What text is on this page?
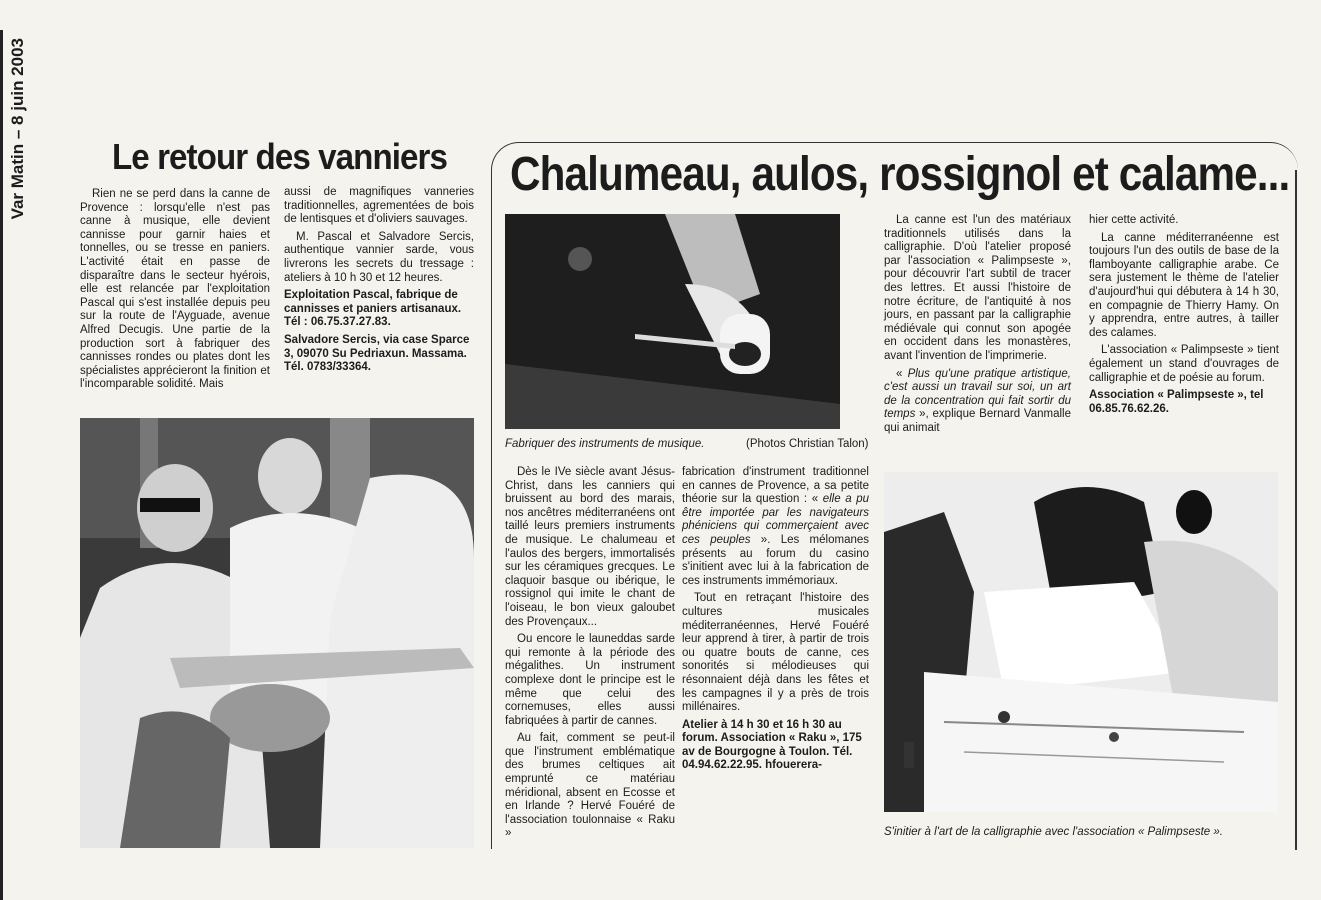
Var Matin – 8 juin 2003 Le retour des vanniers

Rien ne se perd dans la canne de Provence : lorsqu'elle n'est pas canne à musique, elle devient cannisse pour garnir haies et tonnelles, ou se tresse en paniers. L'activité était en passe de disparaître dans le secteur hyérois, elle est relancée par l'exploitation Pascal qui s'est installée depuis peu sur la route de l'Ayguade, avenue Alfred Decugis. Une partie de la production sort à fabriquer des cannisses rondes ou plates dont les spécialistes apprécieront la finition et l'incomparable solidité. Mais

aussi de magnifiques vanneries traditionnelles, agrementées de bois de lentisques et d'oliviers sauvages.

M. Pascal et Salvadore Sercis, authentique vannier sarde, vous livrerons les secrets du tressage : ateliers à 10 h 30 et 12 heures.

Exploitation Pascal, fabrique de cannisses et paniers artisanaux. Tél : 06.75.37.27.83.

Salvadore Sercis, via case Sparce 3, 09070 Su Pedriaxun. Massama. Tél. 0783/33364.

Chalumeau, aulos, rossignol et calame...
Fabriquer des instruments de musique.	(Photos Christian Talon)

Dès le IVe siècle avant Jésus-Christ, dans les canniers qui bruissent au bord des marais, nos ancêtres méditerranéens ont taillé leurs premiers instruments de musique. Le chalumeau et l'aulos des bergers, immortalisés sur les céramiques grecques. Le claquoir basque ou ibérique, le rossignol qui imite le chant de l'oiseau, le bon vieux galoubet des Provençaux...

Ou encore le launeddas sarde qui remonte à la période des mégalithes. Un instrument complexe dont le principe est le même que celui des cornemuses, elles aussi fabriquées à partir de cannes.

Au fait, comment se peut-il que l'instrument emblématique des brumes celtiques ait emprunté ce matériau méridional, absent en Ecosse et en Irlande ? Hervé Fouéré de l'association toulonnaise « Raku »

fabrication d'instrument traditionnel en cannes de Provence, a sa petite théorie sur la question : « elle a pu être importée par les navigateurs phéniciens qui commerçaient avec ces peuples ». Les mélomanes présents au forum du casino s'initient avec lui à la fabrication de ces instruments immémoriaux.

Tout en retraçant l'histoire des cultures musicales méditerranéennes, Hervé Fouéré leur apprend à tirer, à partir de trois ou quatre bouts de canne, ces sonorités si mélodieuses qui résonnaient déjà dans les fêtes et les campagnes il y a près de trois millénaires.

Atelier à 14 h 30 et 16 h 30 au forum. Association « Raku », 175 av de Bourgogne à Toulon. Tél. 04.94.62.22.95. hfouerera-

La canne est l'un des matériaux traditionnels utilisés dans la calligraphie. D'où l'atelier proposé par l'association « Palimpseste », pour découvrir l'art subtil de tracer des lettres. Et aussi l'histoire de notre écriture, de l'antiquité à nos jours, en passant par la calligraphie médiévale qui connut son apogée en occident dans les monastères, avant l'invention de l'imprimerie.

« Plus qu'une pratique artistique, c'est aussi un travail sur soi, un art de la concentration qui fait sortir du temps », explique Bernard Vanmalle qui animait

hier cette activité.

La canne méditerranéenne est toujours l'un des outils de base de la flamboyante calligraphie arabe. Ce sera justement le thème de l'atelier d'aujourd'hui qui débutera à 14 h 30, en compagnie de Thierry Hamy. On y apprendra, entre autres, à tailler des calames.

L'association « Palimpseste » tient également un stand d'ouvrages de calligraphie et de poésie au forum.

Association « Palimpseste », tel 06.85.76.62.26.

S'initier à l'art de la calligraphie avec l'association « Palimpseste ».
